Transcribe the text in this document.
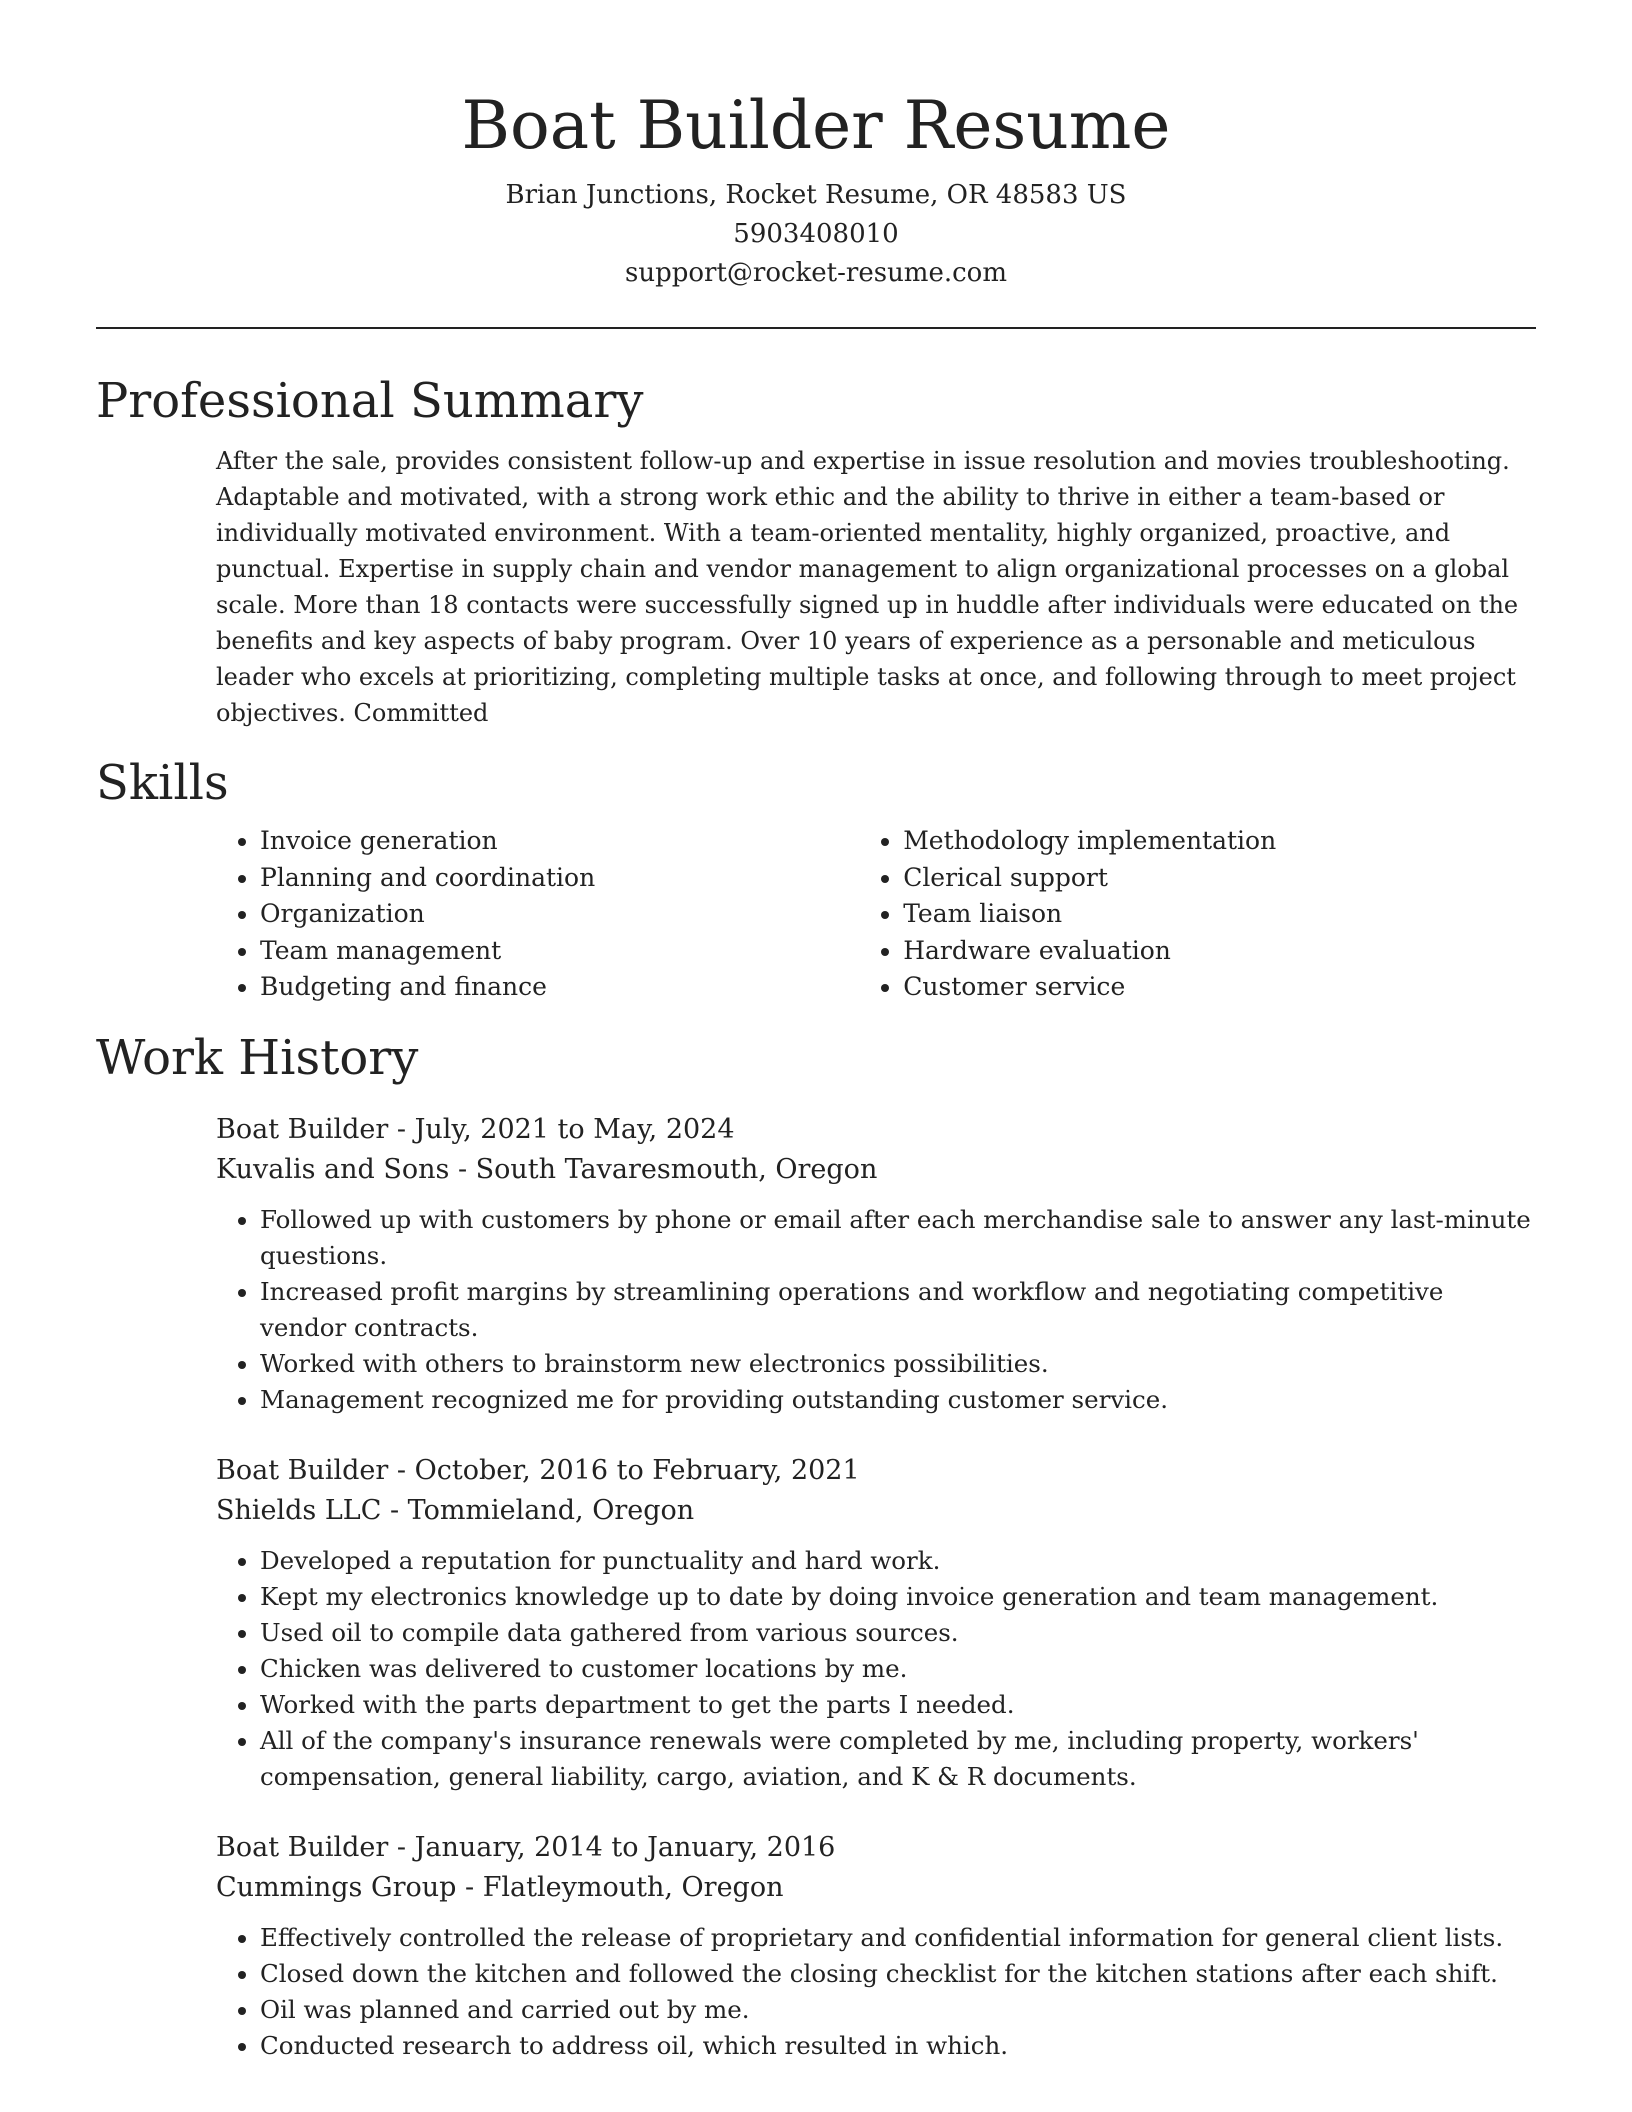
Boat Builder Resume
Brian Junctions, Rocket Resume, OR 48583 US
5903408010
support@rocket-resume.com
Professional Summary

After the sale, provides consistent follow-up and expertise in issue resolution and movies troubleshooting. Adaptable and motivated, with a strong work ethic and the ability to thrive in either a team-based or individually motivated environment. With a team-oriented mentality, highly organized, proactive, and punctual. Expertise in supply chain and vendor management to align organizational processes on a global scale. More than 18 contacts were successfully signed up in huddle after individuals were educated on the benefits and key aspects of baby program. Over 10 years of experience as a personable and meticulous leader who excels at prioritizing, completing multiple tasks at once, and following through to meet project objectives. Committed

Skills
• Invoice generation
• Planning and coordination
• Organization
• Team management
• Budgeting and finance
• Methodology implementation
• Clerical support
• Team liaison
• Hardware evaluation
• Customer service
Work History
Boat Builder - July, 2021 to May, 2024
Kuvalis and Sons - South Tavaresmouth, Oregon
• Followed up with customers by phone or email after each merchandise sale to answer any last-minute questions.
• Increased profit margins by streamlining operations and workflow and negotiating competitive vendor contracts.
• Worked with others to brainstorm new electronics possibilities.
• Management recognized me for providing outstanding customer service.
Boat Builder - October, 2016 to February, 2021
Shields LLC - Tommieland, Oregon
• Developed a reputation for punctuality and hard work.
• Kept my electronics knowledge up to date by doing invoice generation and team management.
• Used oil to compile data gathered from various sources.
• Chicken was delivered to customer locations by me.
• Worked with the parts department to get the parts I needed.
• All of the company's insurance renewals were completed by me, including property, workers' compensation, general liability, cargo, aviation, and K & R documents.
Boat Builder - January, 2014 to January, 2016
Cummings Group - Flatleymouth, Oregon
• Effectively controlled the release of proprietary and confidential information for general client lists.
• Closed down the kitchen and followed the closing checklist for the kitchen stations after each shift.
• Oil was planned and carried out by me.
• Conducted research to address oil, which resulted in which.
